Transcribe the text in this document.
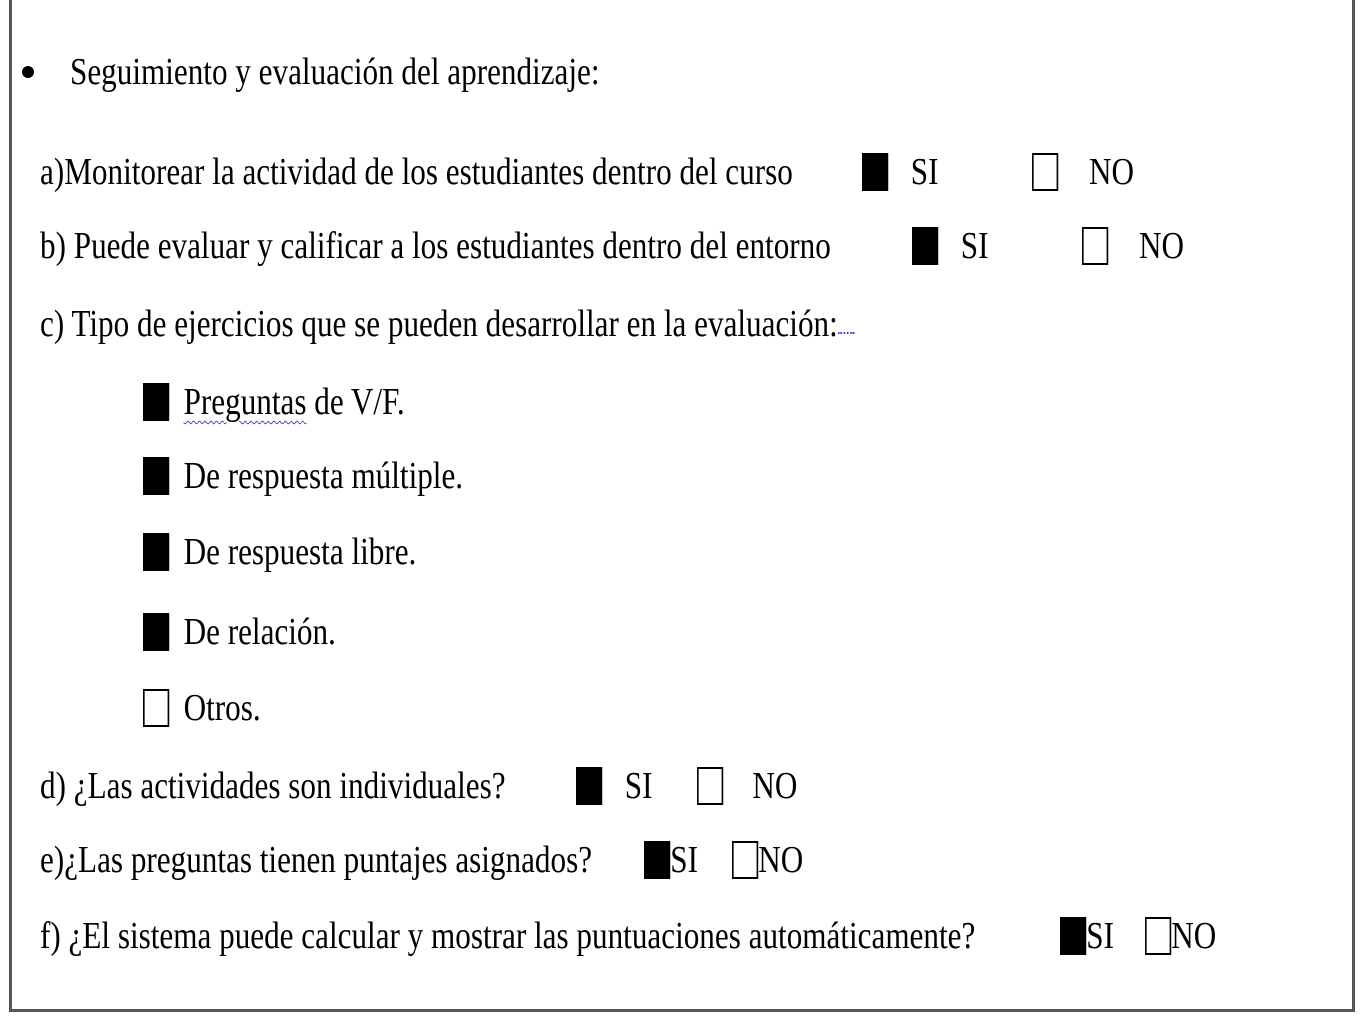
Seguimiento y evaluación del aprendizaje:
a)Monitorear la actividad de los estudiantes dentro del curso	SI	NO
b) Puede evaluar y calificar a los estudiantes dentro del entorno	SI	NO
c) Tipo de ejercicios que se pueden desarrollar en la evaluación:
Preguntas de V/F.
De respuesta múltiple.
De respuesta libre.
De relación.
Otros.
d) ¿Las actividades son individuales?	SI	NO
e)¿Las preguntas tienen puntajes asignados?	SI	NO
f) ¿El sistema puede calcular y mostrar las puntuaciones automáticamente?	SI	NO
